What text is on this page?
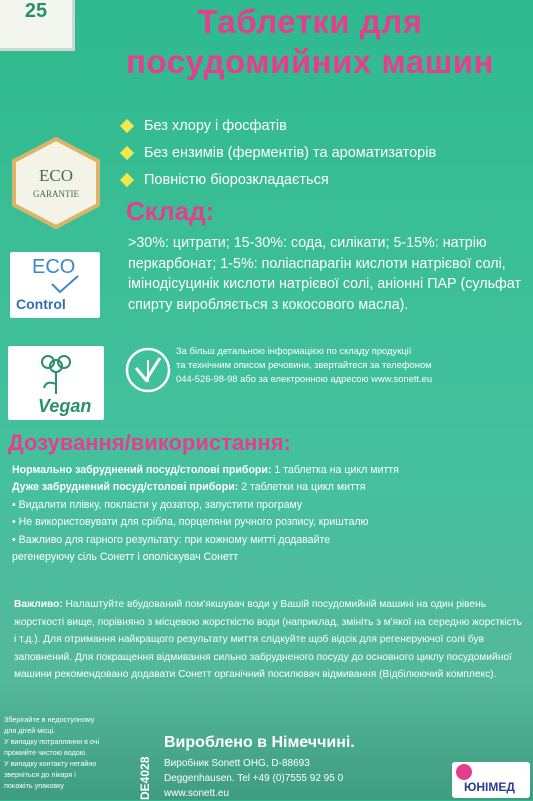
25	Таблетки для
посудомийних машин
ECO
GARANTIE
Без хлору і фосфатів
Без ензимів (ферментів) та ароматизаторів
Повністю біорозкладається
Склад:
>30%: цитрати; 15-30%: сода, силікати; 5-15%: натрію перкарбонат; 1-5%: поліаспарагін кислоти натрієвої солі, імінодісуцинік кислоти натрієвої солі, аніонні ПАР (сульфат спирту виробляється з кокосового масла).
ECO
Control
Vegan
За більш детальною інформацією по складу продукції
та технічним описом речовини, звертайтеся за телефоном
044-526-98-98 або за електронною адресою www.sonett.eu
Дозування/використання:
Нормально забруднений посуд/столові прибори: 1 таблетка на цикл миття
Дуже забруднений посуд/столові прибори: 2 таблетки на цикл миття
• Видалити плівку, покласти у дозатор, запустити програму
• Не використовувати для срібла, порцеляни ручного розпису, кришталю
• Важливо для гарного результату: при кожному митті додавайте
регенеруючу сіль Сонетт і ополіскувач Сонетт
Важливо: Налаштуйте вбудований пом'якшувач води у Вашій посудомийній машині на один рівень жорсткості вище, порівняно з місцевою жорсткістю води (наприклад, змініть з м'якої на середню жорсткість і т.д.). Для отримання найкращого результату миття слідкуйте щоб відсік для регенеруючої солі був заповнений. Для покращення відмивання сильно забрудненого посуду до основного циклу посудомийної машини рекомендовано додавати Сонетт органічний посилювач відмивання (Відбілюючий комплекс).
Зберігайте в недоступному
для дітей місці.
У випадку потрапляння в очі
промийте чистою водою.
У випадку контакту негайно
зверніться до лікаря і
покажіть упаковку	DE4028
Вироблено в Німеччині.
Виробник Sonett OHG, D-88693
Deggenhausen. Tel +49 (0)7555 92 95 0
www.sonett.eu	ЮНІМЕД
